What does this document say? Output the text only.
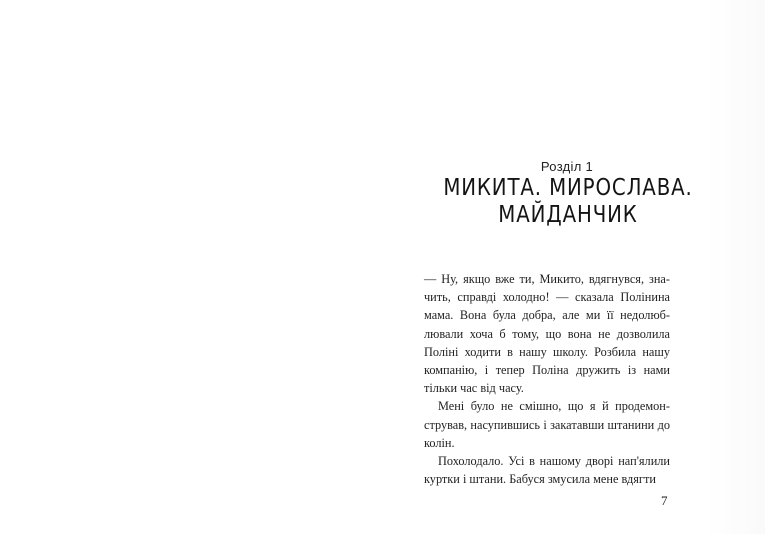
Розділ 1
МИКИТА. МИРОСЛАВА.
МАЙДАНЧИК

— Ну, якщо вже ти, Микито, вдягнувся, значить, справді холодно! — сказала Полінина мама. Вона була добра, але ми її недолюблювали хоча б тому, що вона не дозволила Поліні ходити в нашу школу. Розбила нашу компанію, і тепер Поліна дружить із нами тільки час від часу.

Мені було не смішно, що я й продемонстрував, насупившись і закатавши штанини до колін.

Похолодало. Усі в нашому дворі нап'ялили куртки і штани. Бабуся змусила мене вдягти

7
